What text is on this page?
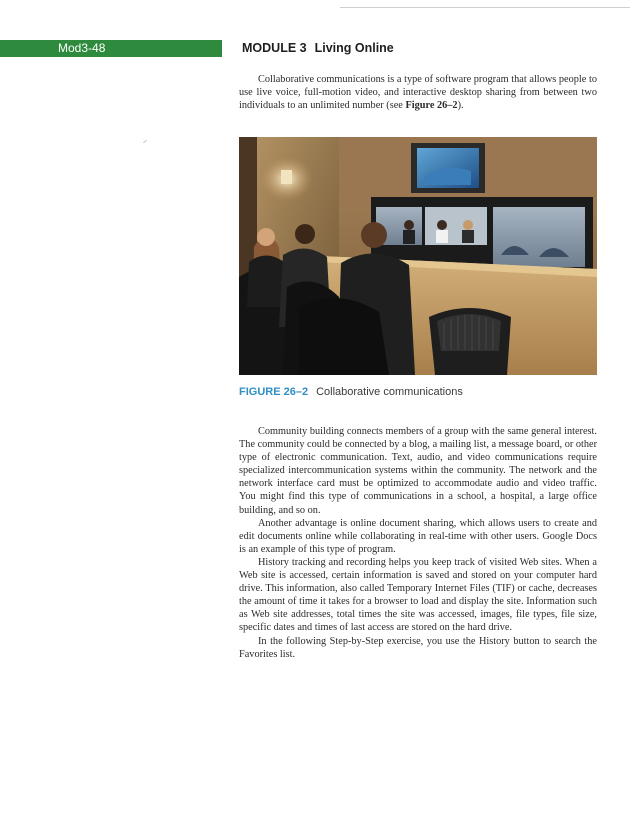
Mod3-48	MODULE 3 Living Online

Collaborative communications is a type of software program that allows people to use live voice, full-motion video, and interactive desktop sharing from between two individuals to an unlimited number (see Figure 26–2).

FIGURE 26–2 Collaborative communications

Community building connects members of a group with the same general interest. The community could be connected by a blog, a mailing list, a message board, or other type of electronic communication. Text, audio, and video communications require specialized intercommunication systems within the community. The network and the network interface card must be optimized to accommodate audio and video traffic. You might find this type of communications in a school, a hospital, a large office building, and so on.

Another advantage is online document sharing, which allows users to create and edit documents online while collaborating in real-time with other users. Google Docs is an example of this type of program.

History tracking and recording helps you keep track of visited Web sites. When a Web site is accessed, certain information is saved and stored on your computer hard drive. This information, also called Temporary Internet Files (TIF) or cache, decreases the amount of time it takes for a browser to load and display the site. Information such as Web site addresses, total times the site was accessed, images, file types, file size, specific dates and times of last access are stored on the hard drive.

In the following Step-by-Step exercise, you use the History button to search the Favorites list.
